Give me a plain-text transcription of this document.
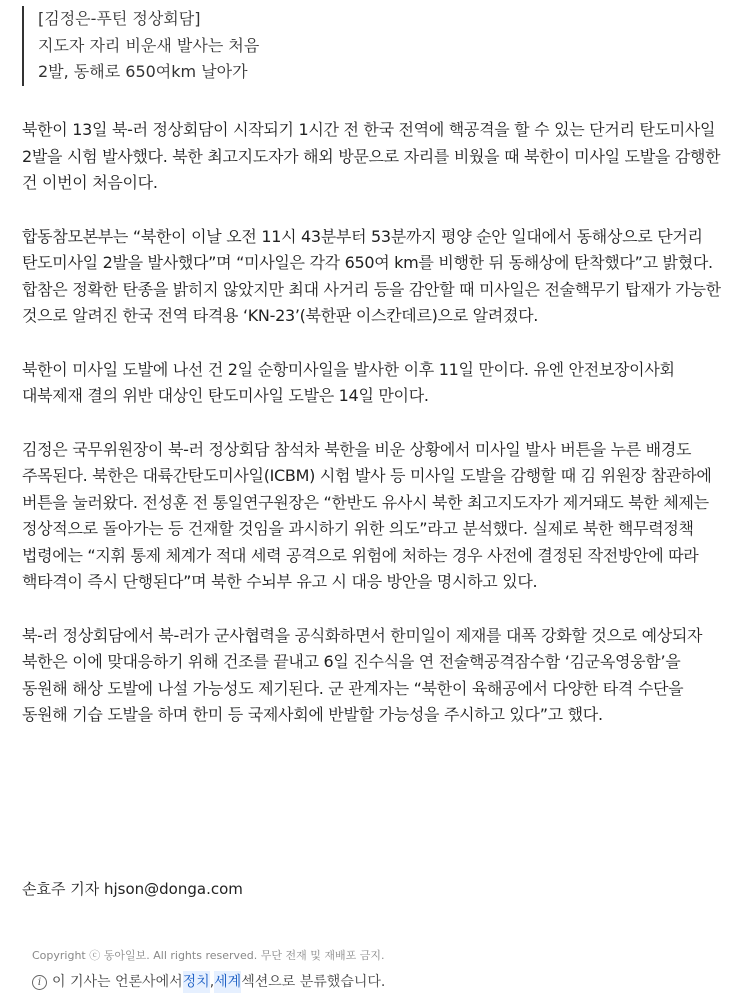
[김정은-푸틴 정상회담]
지도자 자리 비운새 발사는 처음
2발, 동해로 650여km 날아가

북한이 13일 북-러 정상회담이 시작되기 1시간 전 한국 전역에 핵공격을 할 수 있는 단거리 탄도미사일 2발을 시험 발사했다. 북한 최고지도자가 해외 방문으로 자리를 비웠을 때 북한이 미사일 도발을 감행한 건 이번이 처음이다.

합동참모본부는 “북한이 이날 오전 11시 43분부터 53분까지 평양 순안 일대에서 동해상으로 단거리 탄도미사일 2발을 발사했다”며 “미사일은 각각 650여 km를 비행한 뒤 동해상에 탄착했다”고 밝혔다. 합참은 정확한 탄종을 밝히지 않았지만 최대 사거리 등을 감안할 때 미사일은 전술핵무기 탑재가 가능한 것으로 알려진 한국 전역 타격용 ‘KN-23’(북한판 이스칸데르)으로 알려졌다.

북한이 미사일 도발에 나선 건 2일 순항미사일을 발사한 이후 11일 만이다. 유엔 안전보장이사회 대북제재 결의 위반 대상인 탄도미사일 도발은 14일 만이다.

김정은 국무위원장이 북-러 정상회담 참석차 북한을 비운 상황에서 미사일 발사 버튼을 누른 배경도 주목된다. 북한은 대륙간탄도미사일(ICBM) 시험 발사 등 미사일 도발을 감행할 때 김 위원장 참관하에 버튼을 눌러왔다. 전성훈 전 통일연구원장은 “한반도 유사시 북한 최고지도자가 제거돼도 북한 체제는 정상적으로 돌아가는 등 건재할 것임을 과시하기 위한 의도”라고 분석했다. 실제로 북한 핵무력정책 법령에는 “지휘 통제 체계가 적대 세력 공격으로 위험에 처하는 경우 사전에 결정된 작전방안에 따라 핵타격이 즉시 단행된다”며 북한 수뇌부 유고 시 대응 방안을 명시하고 있다.

북-러 정상회담에서 북-러가 군사협력을 공식화하면서 한미일이 제재를 대폭 강화할 것으로 예상되자 북한은 이에 맞대응하기 위해 건조를 끝내고 6일 진수식을 연 전술핵공격잠수함 ‘김군옥영웅함’을 동원해 해상 도발에 나설 가능성도 제기된다. 군 관계자는 “북한이 육해공에서 다양한 타격 수단을 동원해 기습 도발을 하며 한미 등 국제사회에 반발할 가능성을 주시하고 있다”고 했다.

손효주 기자 hjson@donga.com
Copyright ⓒ 동아일보. All rights reserved. 무단 전재 및 재배포 금지.
i 이 기사는 언론사에서 정치 , 세계 섹션으로 분류했습니다.
